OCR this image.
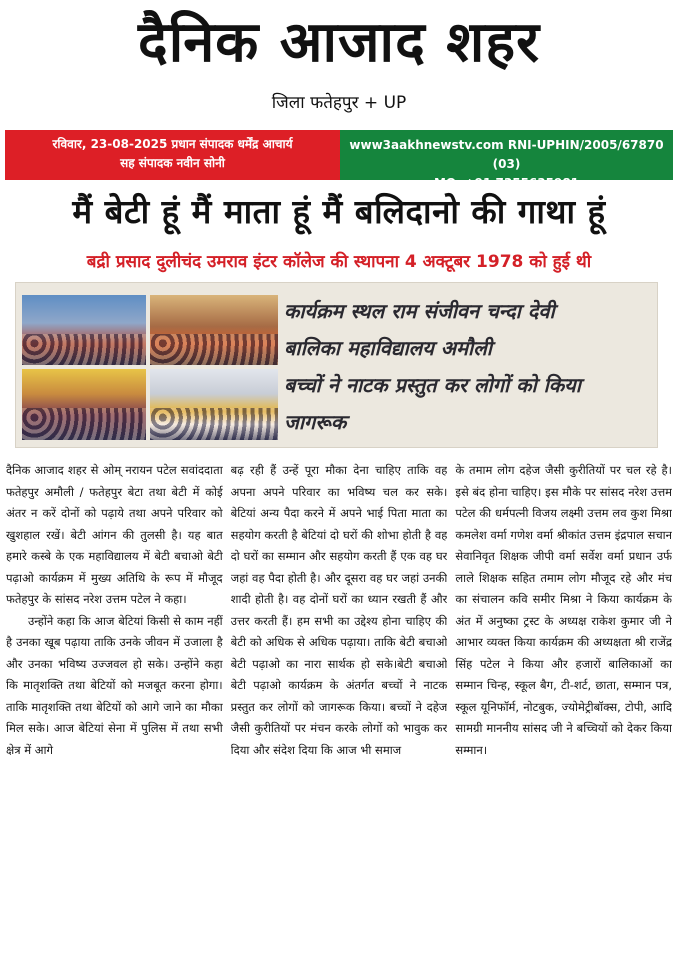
दैनिक आजाद शहर
जिला फतेहपुर + UP
रविवार, 23-08-2025 प्रधान संपादक धर्मेंद्र आचार्य
सह संपादक नवीन सोनी
www3aakhnewstv.com RNI-UPHIN/2005/67870 (03)
MO. +91 7355635981
मैं बेटी हूं मैं माता हूं मैं बलिदानो की गाथा हूं
बद्री प्रसाद दुलीचंद उमराव इंटर कॉलेज की स्थापना 4 अक्टूबर 1978 को हुई थी
कार्यक्रम स्थल राम संजीवन चन्दा देवी
बालिका महाविद्यालय अमौली
बच्चों ने नाटक प्रस्तुत कर लोगों को किया
जागरूक

दैनिक आजाद शहर से ओम् नरायन पटेल सवांददाता फतेहपुर अमौली / फतेहपुर बेटा तथा बेटी में कोई अंतर न करें दोनों को पढ़ाये तथा अपने परिवार को खुशहाल रखें। बेटी आंगन की तुलसी है। यह बात हमारे कस्बे के एक महाविद्यालय में बेटी बचाओ बेटी पढ़ाओ कार्यक्रम में मुख्य अतिथि के रूप में मौजूद फतेहपुर के सांसद नरेश उत्तम पटेल ने कहा।

उन्होंने कहा कि आज बेटियां किसी से काम नहीं है उनका खूब पढ़ाया ताकि उनके जीवन में उजाला है और उनका भविष्य उज्जवल हो सके। उन्होंने कहा कि मातृशक्ति तथा बेटियों को मजबूत करना होगा। ताकि मातृशक्ति तथा बेटियों को आगे जाने का मौका मिल सके। आज बेटियां सेना में पुलिस में तथा सभी क्षेत्र में आगे

बढ़ रही हैं उन्हें पूरा मौका देना चाहिए ताकि वह अपना अपने परिवार का भविष्य चल कर सके। बेटियां अन्य पैदा करने में अपने भाई पिता माता का सहयोग करती है बेटियां दो घरों की शोभा होती है वह दो घरों का सम्मान और सहयोग करती हैं एक वह घर जहां वह पैदा होती है। और दूसरा वह घर जहां उनकी शादी होती है। वह दोनों घरों का ध्यान रखती हैं और उत्तर करती हैं। हम सभी का उद्देश्य होना चाहिए की बेटी को अधिक से अधिक पढ़ाया। ताकि बेटी बचाओ बेटी पढ़ाओ का नारा सार्थक हो सके।बेटी बचाओ बेटी पढ़ाओ कार्यक्रम के अंतर्गत बच्चों ने नाटक प्रस्तुत कर लोगों को जागरूक किया। बच्चों ने दहेज जैसी कुरीतियों पर मंचन करके लोगों को भावुक कर दिया और संदेश दिया कि आज भी समाज

के तमाम लोग दहेज जैसी कुरीतियों पर चल रहे है। इसे बंद होना चाहिए। इस मौके पर सांसद नरेश उत्तम पटेल की धर्मपत्नी विजय लक्ष्मी उत्तम लव कुश मिश्रा कमलेश वर्मा गणेश वर्मा श्रीकांत उत्तम इंद्रपाल सचान सेवानिवृत शिक्षक जीपी वर्मा सर्वेश वर्मा प्रधान उर्फ लाले शिक्षक सहित तमाम लोग मौजूद रहे और मंच का संचालन कवि समीर मिश्रा ने किया कार्यक्रम के अंत में अनुष्का ट्रस्ट के अध्यक्ष राकेश कुमार जी ने आभार व्यक्त किया कार्यक्रम की अध्यक्षता श्री राजेंद्र सिंह पटेल ने किया और हजारों बालिकाओं का सम्मान चिन्ह, स्कूल बैग, टी-शर्ट, छाता, सम्मान पत्र, स्कूल यूनिफॉर्म, नोटबुक, ज्योमेट्रीबॉक्स, टोपी, आदि सामग्री माननीय सांसद जी ने बच्चियों को देकर किया सम्मान।
